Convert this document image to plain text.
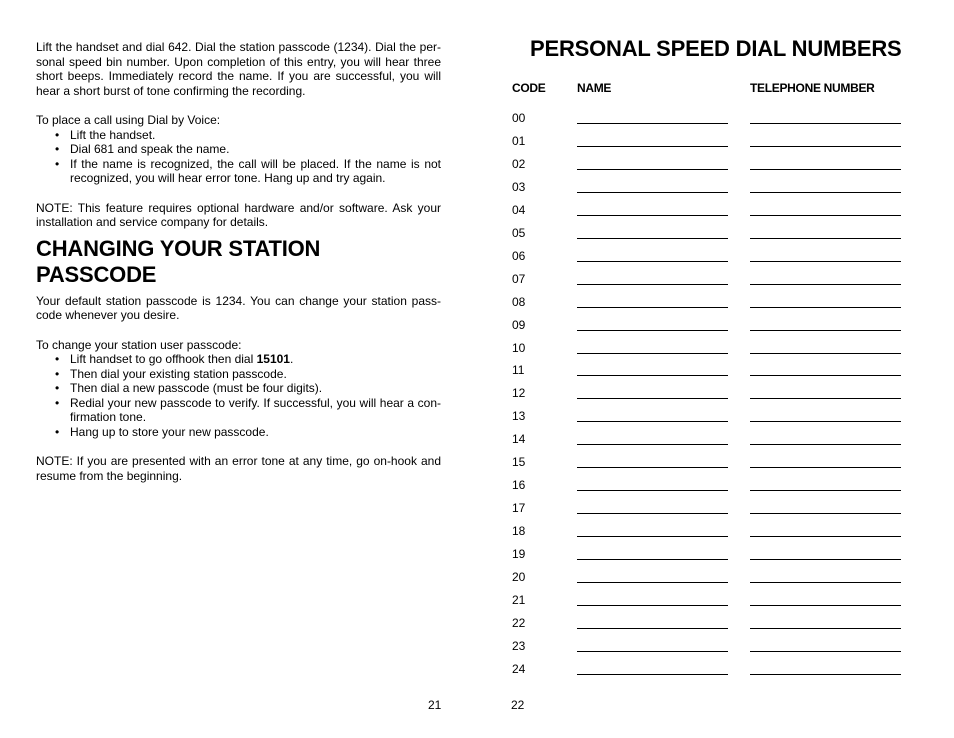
Lift the handset and dial 642. Dial the station passcode (1234). Dial the per-sonal speed bin number. Upon completion of this entry, you will hear three short beeps. Immediately record the name. If you are successful, you will hear a short burst of tone confirming the recording.

To place a call using Dial by Voice:

• Lift the handset.
• Dial 681 and speak the name.
• If the name is recognized, the call will be placed. If the name is not recognized, you will hear error tone. Hang up and try again.

NOTE: This feature requires optional hardware and/or software. Ask your installation and service company for details.

CHANGING YOUR STATION PASSCODE

Your default station passcode is 1234. You can change your station pass-code whenever you desire.

To change your station user passcode:

• Lift handset to go offhook then dial 15101.
• Then dial your existing station passcode.
• Then dial a new passcode (must be four digits).
• Redial your new passcode to verify. If successful, you will hear a con-firmation tone.
• Hang up to store your new passcode.

NOTE: If you are presented with an error tone at any time, go on-hook and resume from the beginning.

21
PERSONAL SPEED DIAL NUMBERS
CODE	NAME	TELEPHONE NUMBER
00
01
02
03
04
05
06
07
08
09
10
11
12
13
14
15
16
17
18
19
20
21
22
23
24
22
